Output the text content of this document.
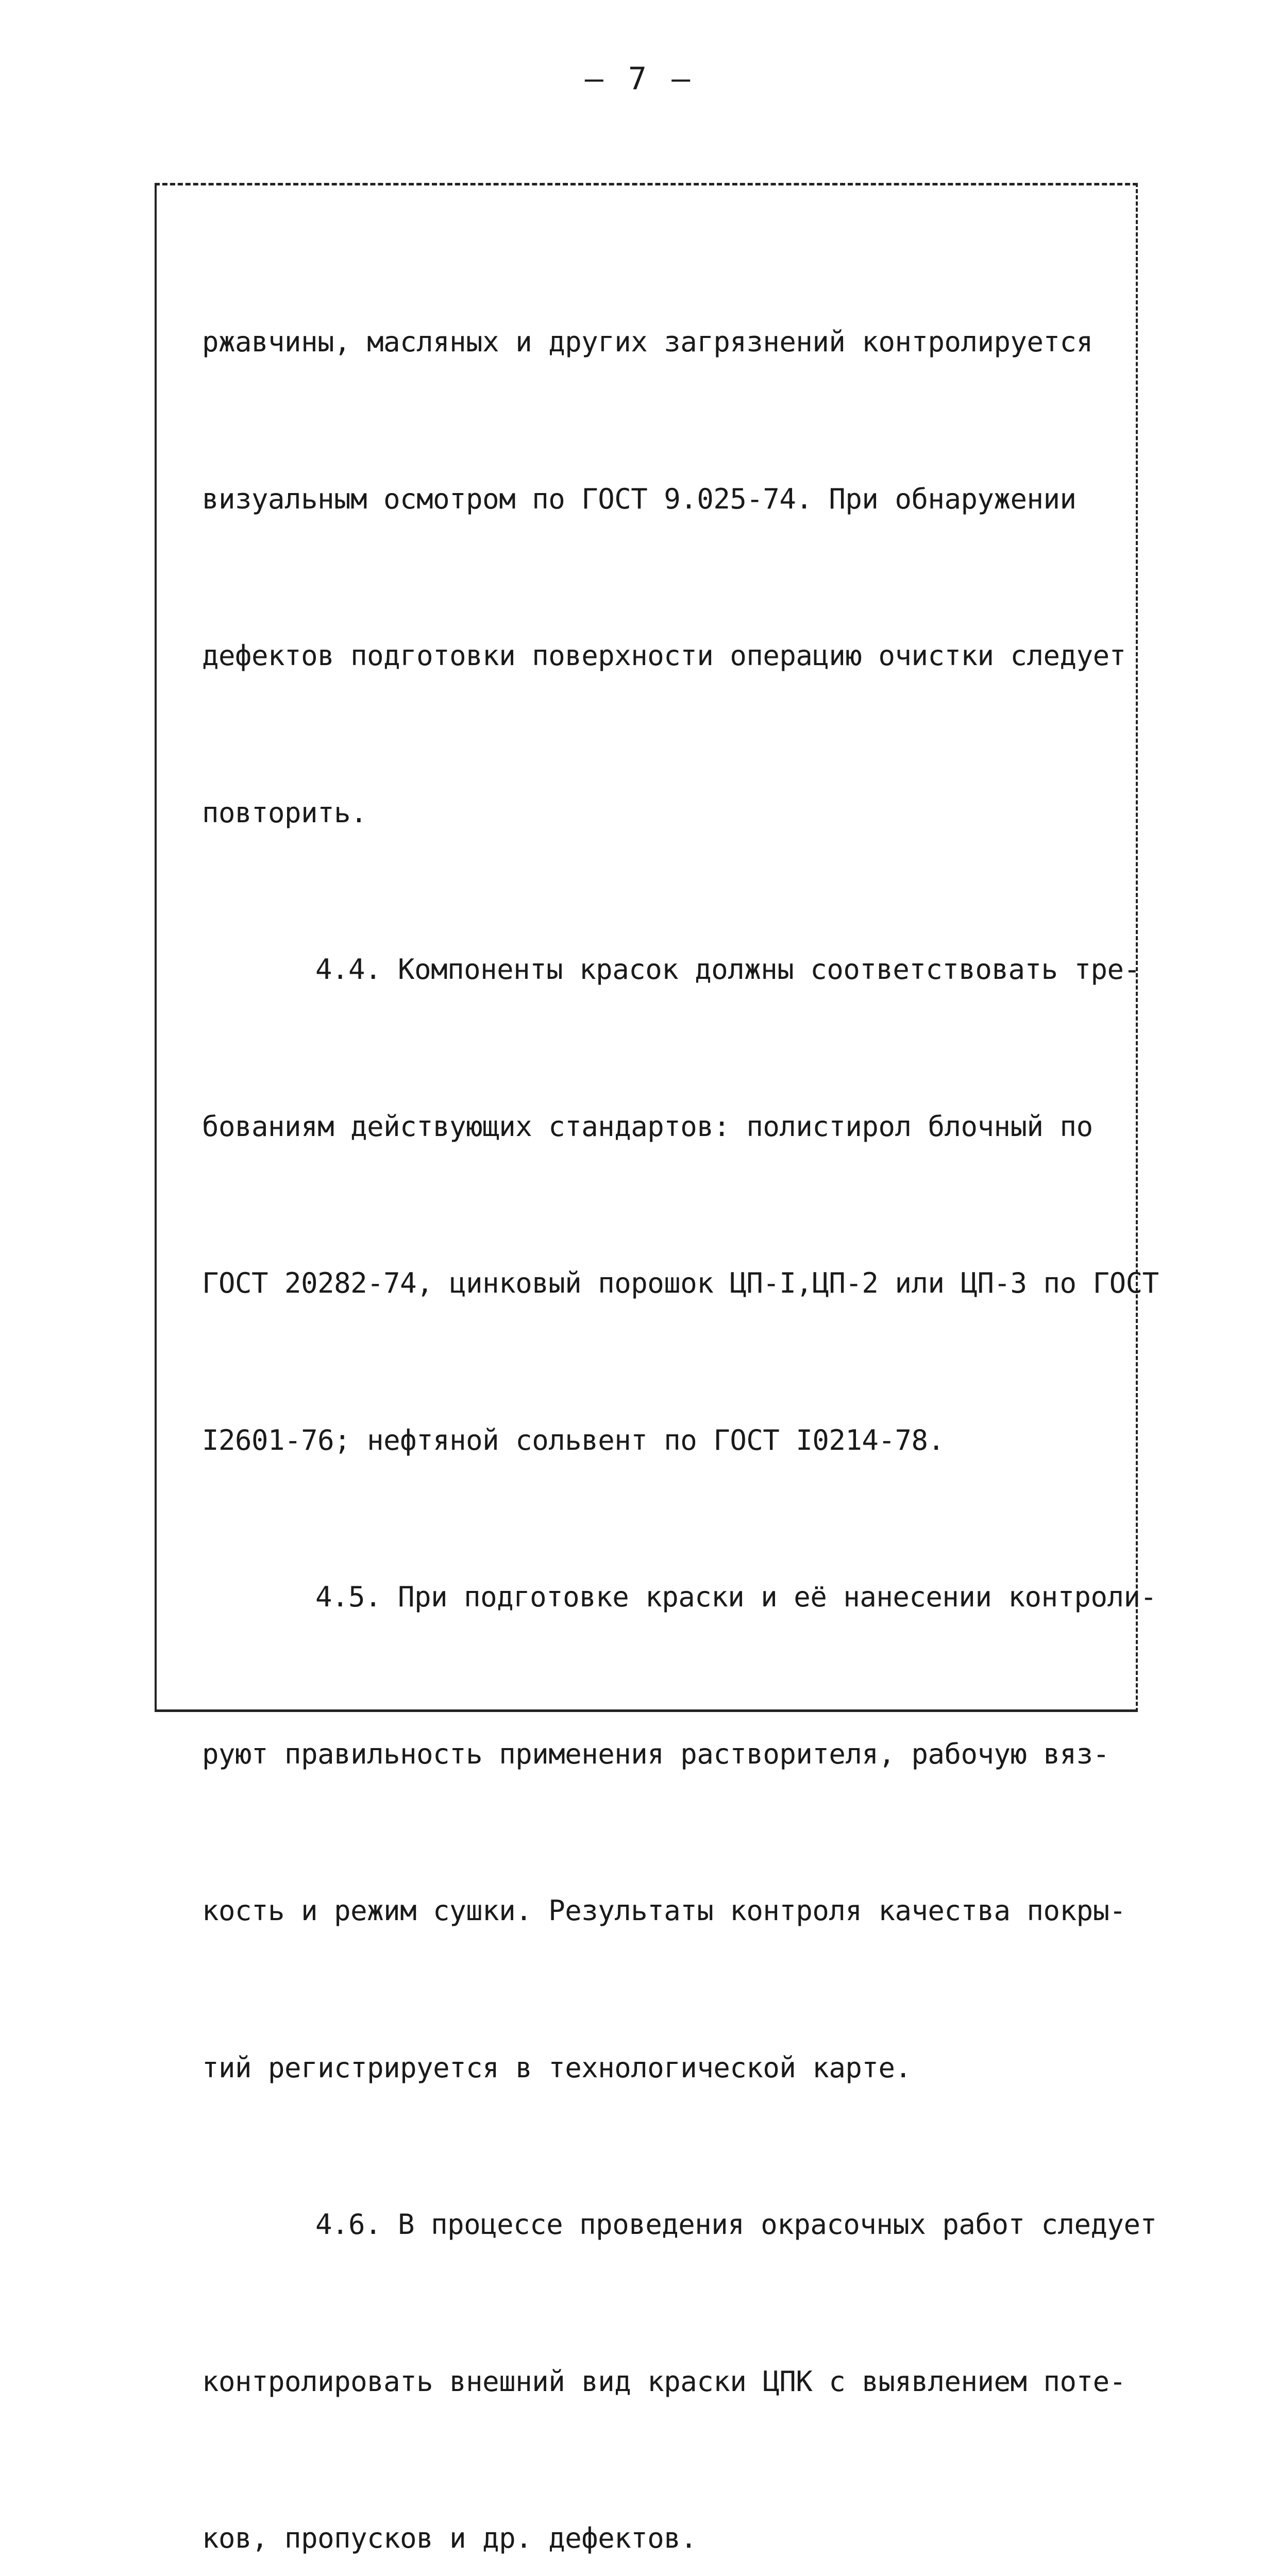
— 7 —

ржавчины, масляных и других загрязнений контролируется

визуальным осмотром по ГОСТ 9.025-74. При обнаружении

дефектов подготовки поверхности операцию очистки следует

повторить.

4.4. Компоненты красок должны соответствовать тре-

бованиям действующих стандартов: полистирол блочный по

ГОСТ 20282-74, цинковый порошок ЦП-I,ЦП-2 или ЦП-3 по ГОСТ

I2601-76; нефтяной сольвент по ГОСТ I0214-78.

4.5. При подготовке краски и её нанесении контроли-

руют правильность применения растворителя, рабочую вяз-

кость и режим сушки. Результаты контроля качества покры-

тий регистрируется в технологической карте.

4.6. В процессе проведения окрасочных работ следует

контролировать внешний вид краски ЦПК с выявлением поте-

ков, пропусков и др. дефектов.
